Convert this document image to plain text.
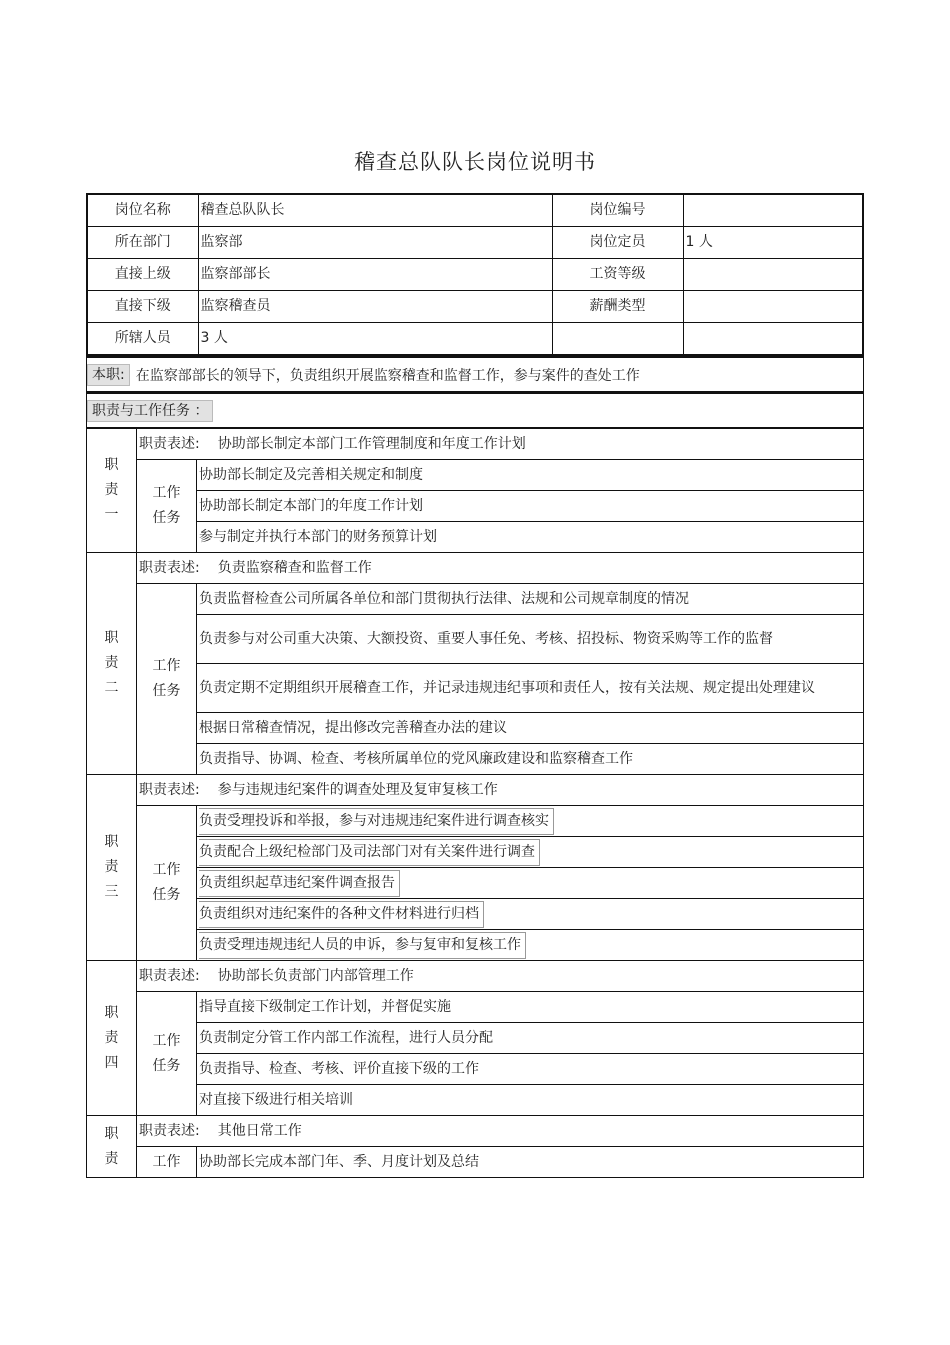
稽查总队队长岗位说明书
岗位名称	稽查总队队长	岗位编号	
所在部门	监察部	岗位定员	1 人
直接上级	监察部部长	工资等级	
直接下级	监察稽查员	薪酬类型	
所辖人员	3 人		
本职: 在监察部部长的领导下，负责组织开展监察稽查和监督工作，参与案件的查处工作
职责与工作任务 ：
职
责
一	职责表述: 协助部长制定本部门工作管理制度和年度工作计划	

	工作
任务	协助部长制定及完善相关规定和制度
		协助部长制定本部门的年度工作计划
		参与制定并执行本部门的财务预算计划

职
责
二	职责表述: 负责监察稽查和监督工作	

	工作
任务	负责监督检查公司所属各单位和部门贯彻执行法律、法规和公司规章制度的情况
		负责参与对公司重大决策、大额投资、重要人事任免、考核、招投标、物资采购等工作的监督
		负责定期不定期组织开展稽查工作，并记录违规违纪事项和责任人，按有关法规、规定提出处理建议
		根据日常稽查情况，提出修改完善稽查办法的建议
		负责指导、协调、检查、考核所属单位的党风廉政建设和监察稽查工作

职
责
三	职责表述: 参与违规违纪案件的调查处理及复审复核工作	

	工作
任务	负责受理投诉和举报，参与对违规违纪案件进行调查核实
		负责配合上级纪检部门及司法部门对有关案件进行调查
		负责组织起草违纪案件调查报告
		负责组织对违纪案件的各种文件材料进行归档
		负责受理违规违纪人员的申诉，参与复审和复核工作

职
责
四	职责表述: 协助部长负责部门内部管理工作	

	工作
任务	指导直接下级制定工作计划，并督促实施
		负责制定分管工作内部工作流程，进行人员分配
		负责指导、检查、考核、评价直接下级的工作
		对直接下级进行相关培训

职
责	职责表述: 其他日常工作	

	工作	协助部长完成本部门年、季、月度计划及总结
